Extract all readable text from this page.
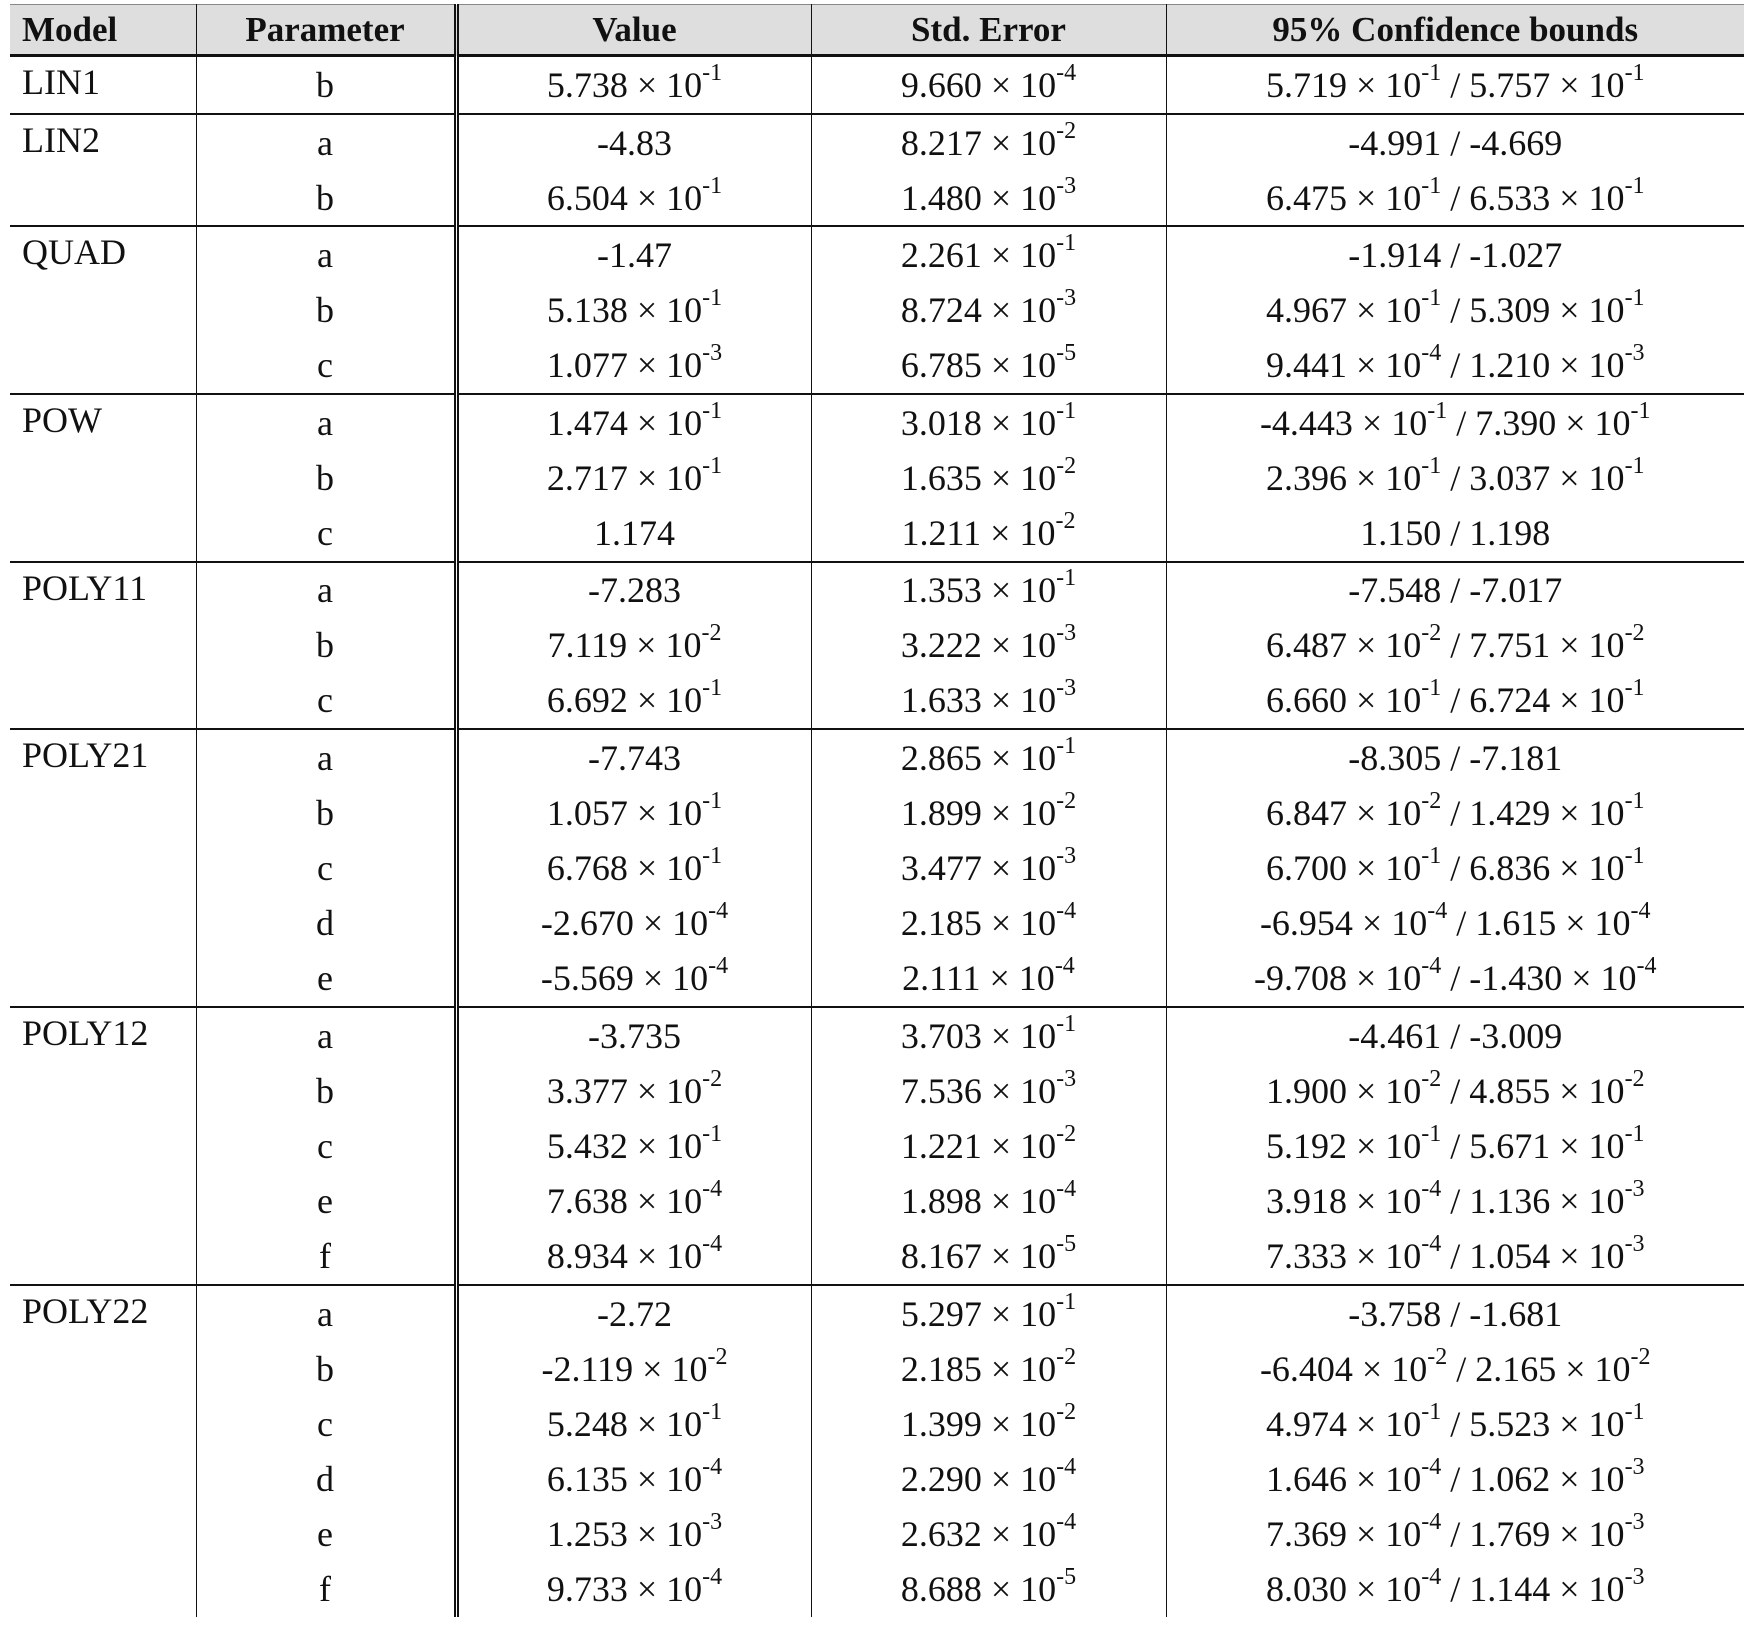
Model	Parameter	Value	Std. Error	95% Confidence bounds
LIN1	b	$5.738 \times 10^{-1}$	$9.660 \times 10^{-4}$	$5.719 \times 10^{-1} / 5.757 \times 10^{-1}$
LIN2	a	-4.83	$8.217 \times 10^{-2}$	-4.991 / -4.669
	b	$6.504 \times 10^{-1}$	$1.480 \times 10^{-3}$	$6.475 \times 10^{-1} / 6.533 \times 10^{-1}$
QUAD	a	-1.47	$2.261 \times 10^{-1}$	-1.914 / -1.027
	b	$5.138 \times 10^{-1}$	$8.724 \times 10^{-3}$	$4.967 \times 10^{-1} / 5.309 \times 10^{-1}$
	c	$1.077 \times 10^{-3}$	$6.785 \times 10^{-5}$	$9.441 \times 10^{-4} / 1.210 \times 10^{-3}$
POW	a	$1.474 \times 10^{-1}$	$3.018 \times 10^{-1}$	$-4.443 \times 10^{-1} / 7.390 \times 10^{-1}$
	b	$2.717 \times 10^{-1}$	$1.635 \times 10^{-2}$	$2.396 \times 10^{-1} / 3.037 \times 10^{-1}$
	c	1.174	$1.211 \times 10^{-2}$	1.150 / 1.198
POLY11	a	-7.283	$1.353 \times 10^{-1}$	-7.548 / -7.017
	b	$7.119 \times 10^{-2}$	$3.222 \times 10^{-3}$	$6.487 \times 10^{-2} / 7.751 \times 10^{-2}$
	c	$6.692 \times 10^{-1}$	$1.633 \times 10^{-3}$	$6.660 \times 10^{-1} / 6.724 \times 10^{-1}$
POLY21	a	-7.743	$2.865 \times 10^{-1}$	-8.305 / -7.181
	b	$1.057 \times 10^{-1}$	$1.899 \times 10^{-2}$	$6.847 \times 10^{-2} / 1.429 \times 10^{-1}$
	c	$6.768 \times 10^{-1}$	$3.477 \times 10^{-3}$	$6.700 \times 10^{-1} / 6.836 \times 10^{-1}$
	d	$-2.670 \times 10^{-4}$	$2.185 \times 10^{-4}$	$-6.954 \times 10^{-4} / 1.615 \times 10^{-4}$
	e	$-5.569 \times 10^{-4}$	$2.111 \times 10^{-4}$	$-9.708 \times 10^{-4} / -1.430 \times 10^{-4}$
POLY12	a	-3.735	$3.703 \times 10^{-1}$	-4.461 / -3.009
	b	$3.377 \times 10^{-2}$	$7.536 \times 10^{-3}$	$1.900 \times 10^{-2} / 4.855 \times 10^{-2}$
	c	$5.432 \times 10^{-1}$	$1.221 \times 10^{-2}$	$5.192 \times 10^{-1} / 5.671 \times 10^{-1}$
	e	$7.638 \times 10^{-4}$	$1.898 \times 10^{-4}$	$3.918 \times 10^{-4} / 1.136 \times 10^{-3}$
	f	$8.934 \times 10^{-4}$	$8.167 \times 10^{-5}$	$7.333 \times 10^{-4} / 1.054 \times 10^{-3}$
POLY22	a	-2.72	$5.297 \times 10^{-1}$	-3.758 / -1.681
	b	$-2.119 \times 10^{-2}$	$2.185 \times 10^{-2}$	$-6.404 \times 10^{-2} / 2.165 \times 10^{-2}$
	c	$5.248 \times 10^{-1}$	$1.399 \times 10^{-2}$	$4.974 \times 10^{-1} / 5.523 \times 10^{-1}$
	d	$6.135 \times 10^{-4}$	$2.290 \times 10^{-4}$	$1.646 \times 10^{-4} / 1.062 \times 10^{-3}$
	e	$1.253 \times 10^{-3}$	$2.632 \times 10^{-4}$	$7.369 \times 10^{-4} / 1.769 \times 10^{-3}$
	f	$9.733 \times 10^{-4}$	$8.688 \times 10^{-5}$	$8.030 \times 10^{-4} / 1.144 \times 10^{-3}$
